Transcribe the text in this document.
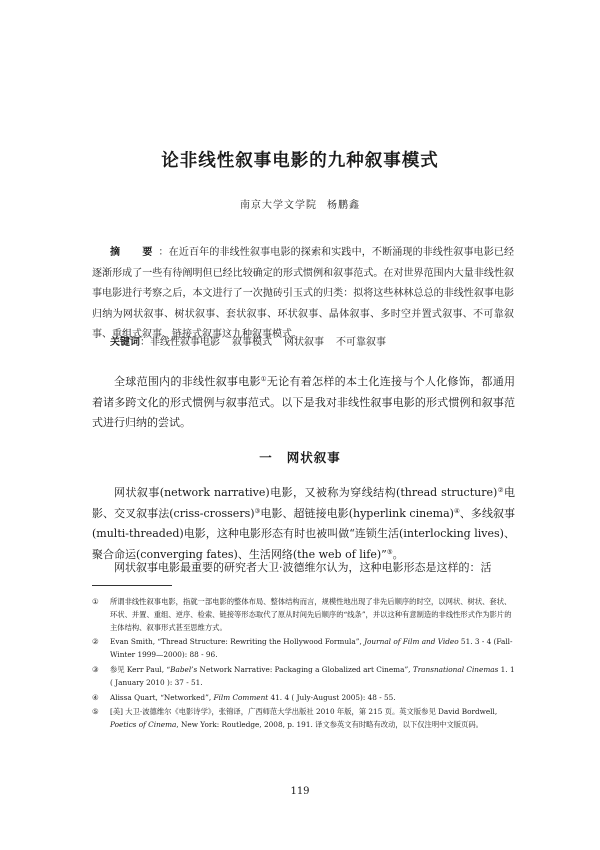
论非线性叙事电影的九种叙事模式
南京大学文学院 杨鹏鑫

摘　要：在近百年的非线性叙事电影的探索和实践中，不断涌现的非线性叙事电影已经逐渐形成了一些有待阐明但已经比较确定的形式惯例和叙事范式。在对世界范围内大量非线性叙事电影进行考察之后，本文进行了一次抛砖引玉式的归类：拟将这些林林总总的非线性叙事电影归纳为网状叙事、树状叙事、套状叙事、环状叙事、晶体叙事、多时空并置式叙事、不可靠叙事、重组式叙事、链接式叙事这九种叙事模式。

关键词：非线性叙事电影 叙事模式 网状叙事 不可靠叙事

全球范围内的非线性叙事电影①无论有着怎样的本土化连接与个人化修饰，都通用着诸多跨文化的形式惯例与叙事范式。以下是我对非线性叙事电影的形式惯例和叙事范式进行归纳的尝试。

一 网状叙事

网状叙事(network narrative)电影，又被称为穿线结构(thread structure)②电影、交叉叙事法(criss-crossers)③电影、超链接电影(hyperlink cinema)④、多线叙事(multi-threaded)电影，这种电影形态有时也被叫做“连锁生活(interlocking lives)、聚合命运(converging fates)、生活网络(the web of life)”⑤。

网状叙事电影最重要的研究者大卫·波德维尔认为，这种电影形态是这样的：活

① 所谓非线性叙事电影，指就一部电影的整体布局、整体结构而言，规模性地出现了非先后顺序的时空，以网状、树状、套状、环状、并置、重组、逆序、检索、链接等形态取代了原从时间先后顺序的“线条”，并以这种有意制造的非线性形式作为影片的主体结构、叙事形式甚至思维方式。
② Evan Smith, “Thread Structure: Rewriting the Hollywood Formula”, Journal of Film and Video 51. 3 - 4 (Fall-Winter 1999—2000): 88 - 96.
③ 参见 Kerr Paul, “Babel’s Network Narrative: Packaging a Globalized art Cinema”, Transnational Cinemas 1. 1 ( January 2010 ): 37 - 51.
④ Alissa Quart, “Networked”, Film Comment 41. 4 ( July-August 2005): 48 - 55.
⑤ [美] 大卫·波德维尔《电影诗学》，张锦译，广西师范大学出版社 2010 年版，第 215 页。英文版参见 David Bordwell, Poetics of Cinema, New York: Routledge, 2008, p. 191. 译文参英文有时略有改动，以下仅注明中文版页码。
119
